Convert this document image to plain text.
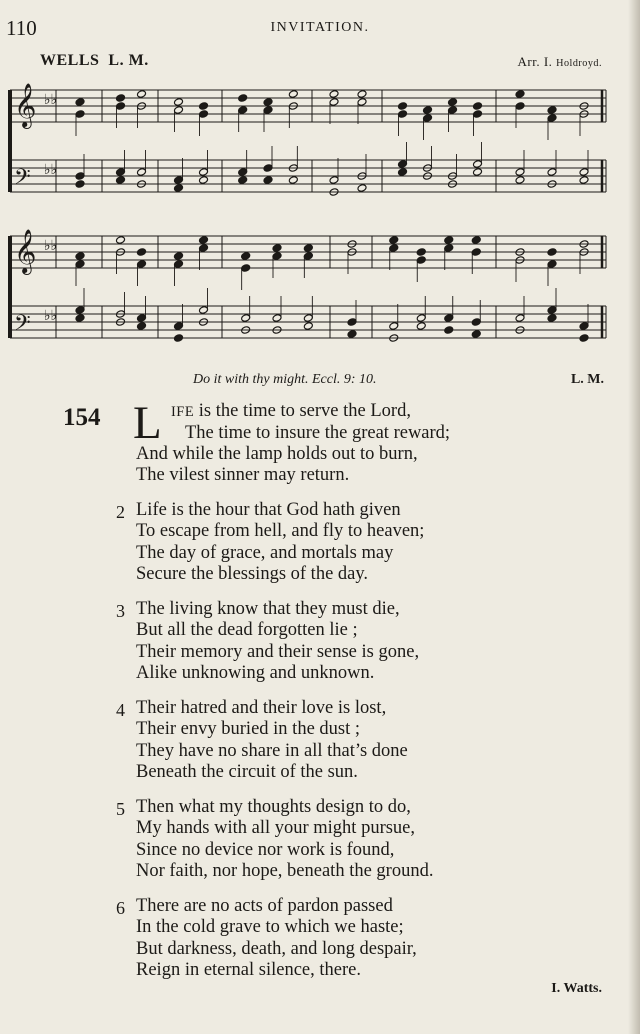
110	INVITATION.
WELLS L. M.	Arr. I. Holdroyd.
𝄞 ♭♭
𝄢 ♭♭
𝄞 ♭♭
𝄢 ♭♭
Do it with thy might. Eccl. 9: 10.	L. M.
154 L IFE is the time to serve the Lord,
The time to insure the great reward;
And while the lamp holds out to burn,
The vilest sinner may return.
2 Life is the hour that God hath given
To escape from hell, and fly to heaven;
The day of grace, and mortals may
Secure the blessings of the day.
3 The living know that they must die,
But all the dead forgotten lie ;
Their memory and their sense is gone,
Alike unknowing and unknown.
4 Their hatred and their love is lost,
Their envy buried in the dust ;
They have no share in all that’s done
Beneath the circuit of the sun.
5 Then what my thoughts design to do,
My hands with all your might pursue,
Since no device nor work is found,
Nor faith, nor hope, beneath the ground.
6 There are no acts of pardon passed
In the cold grave to which we haste;
But darkness, death, and long despair,
Reign in eternal silence, there.
I. Watts.
